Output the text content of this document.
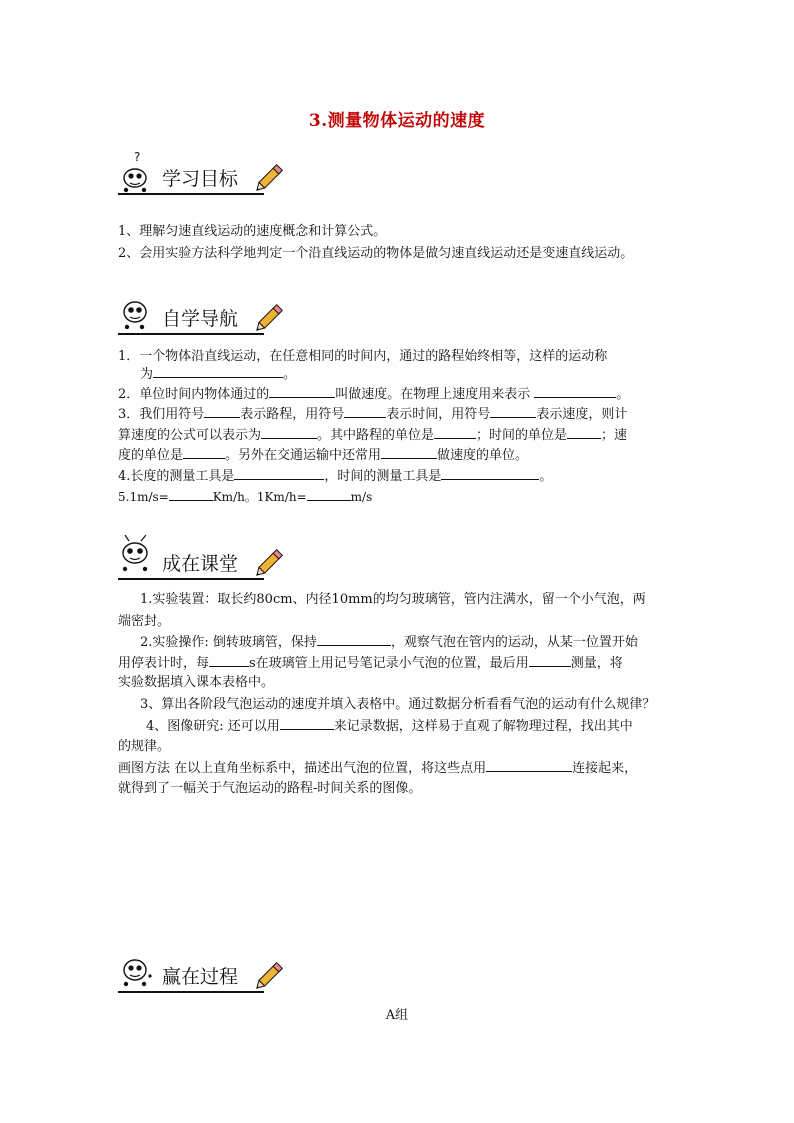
3.测量物体运动的速度
?
学习目标
1、理解匀速直线运动的速度概念和计算公式。
2、会用实验方法科学地判定一个沿直线运动的物体是做匀速直线运动还是变速直线运动。
自学导航
1．一个物体沿直线运动，在任意相同的时间内，通过的路程始终相等，这样的运动称
为	。
2．单位时间内物体通过的	叫做速度。在物理上速度用来表示	。
3．我们用符号	表示路程，用符号	表示时间，用符号	表示速度，则计
算速度的公式可以表示为	。其中路程的单位是	；时间的单位是	；速
度的单位是	。另外在交通运输中还常用	做速度的单位。
4.长度的测量工具是	，时间的测量工具是	。
5.1m/s=	Km/h。1Km/h=	m/s
成在课堂
1.实验装置：取长约80cm、内径10mm的均匀玻璃管，管内注满水，留一个小气泡，两
端密封。
2.实验操作: 倒转玻璃管，保持	，观察气泡在管内的运动，从某一位置开始
用停表计时，每	s在玻璃管上用记号笔记录小气泡的位置，最后用	测量，将
实验数据填入课本表格中。
3、算出各阶段气泡运动的速度并填入表格中。通过数据分析看看气泡的运动有什么规律？
4、图像研究: 还可以用	来记录数据，这样易于直观了解物理过程，找出其中
的规律。
画图方法 在以上直角坐标系中，描述出气泡的位置，将这些点用	连接起来，
就得到了一幅关于气泡运动的路程-时间关系的图像。
赢在过程
A组
